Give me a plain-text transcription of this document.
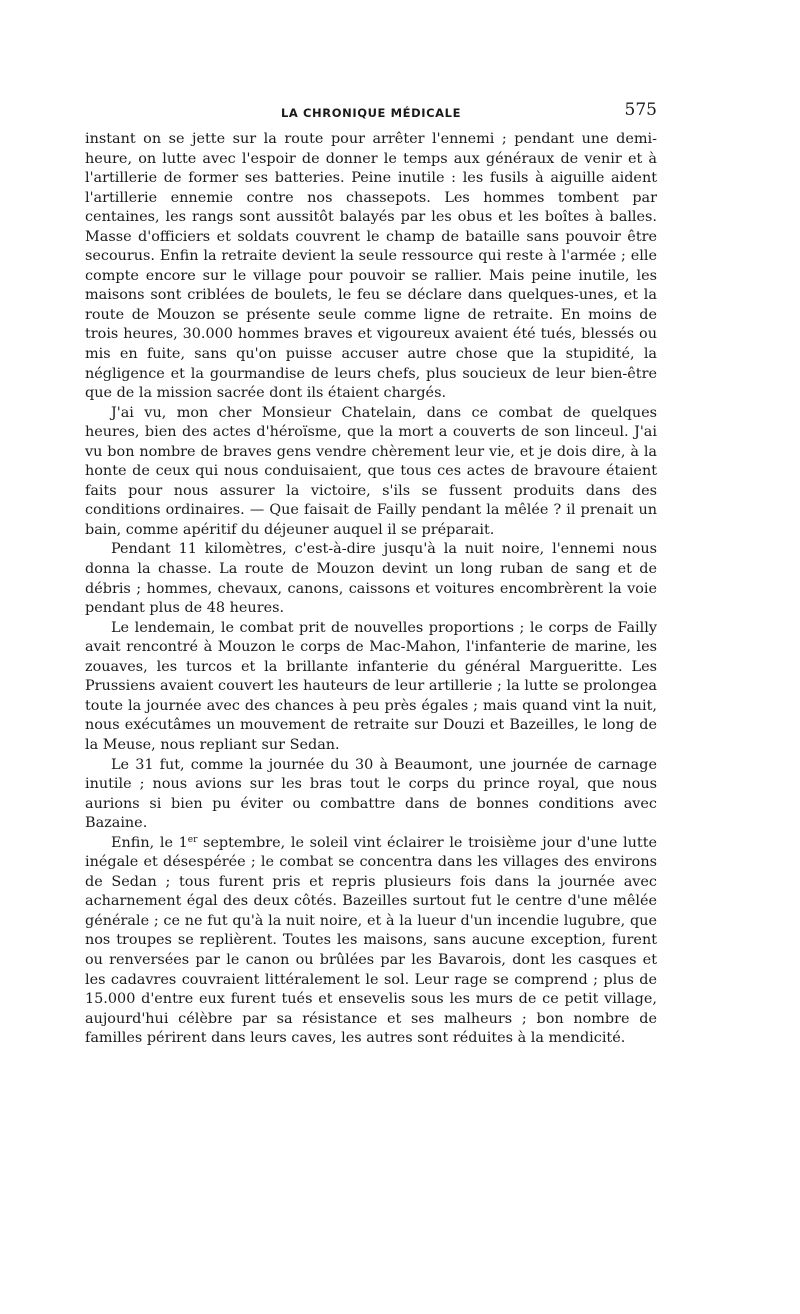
LA CHRONIQUE MÉDICALE	575

instant on se jette sur la route pour arrêter l'ennemi ; pendant une demi-heure, on lutte avec l'espoir de donner le temps aux généraux de venir et à l'artillerie de former ses batteries. Peine inutile : les fusils à aiguille aident l'artillerie ennemie contre nos chassepots. Les hommes tombent par centaines, les rangs sont aussitôt balayés par les obus et les boîtes à balles. Masse d'officiers et soldats couvrent le champ de bataille sans pouvoir être secourus. Enfin la retraite devient la seule ressource qui reste à l'armée ; elle compte encore sur le village pour pouvoir se rallier. Mais peine inutile, les maisons sont criblées de boulets, le feu se déclare dans quelques-unes, et la route de Mouzon se présente seule comme ligne de retraite. En moins de trois heures, 30.000 hommes braves et vigoureux avaient été tués, blessés ou mis en fuite, sans qu'on puisse accuser autre chose que la stupidité, la négligence et la gourmandise de leurs chefs, plus soucieux de leur bien-être que de la mission sacrée dont ils étaient chargés.

J'ai vu, mon cher Monsieur Chatelain, dans ce combat de quelques heures, bien des actes d'héroïsme, que la mort a couverts de son linceul. J'ai vu bon nombre de braves gens vendre chèrement leur vie, et je dois dire, à la honte de ceux qui nous conduisaient, que tous ces actes de bravoure étaient faits pour nous assurer la victoire, s'ils se fussent produits dans des conditions ordinaires. — Que faisait de Failly pendant la mêlée ? il prenait un bain, comme apéritif du déjeuner auquel il se préparait.

Pendant 11 kilomètres, c'est-à-dire jusqu'à la nuit noire, l'ennemi nous donna la chasse. La route de Mouzon devint un long ruban de sang et de débris ; hommes, chevaux, canons, caissons et voitures encombrèrent la voie pendant plus de 48 heures.

Le lendemain, le combat prit de nouvelles proportions ; le corps de Failly avait rencontré à Mouzon le corps de Mac-Mahon, l'infanterie de marine, les zouaves, les turcos et la brillante infanterie du général Margueritte. Les Prussiens avaient couvert les hauteurs de leur artillerie ; la lutte se prolongea toute la journée avec des chances à peu près égales ; mais quand vint la nuit, nous exécutâmes un mouvement de retraite sur Douzi et Bazeilles, le long de la Meuse, nous repliant sur Sedan.

Le 31 fut, comme la journée du 30 à Beaumont, une journée de carnage inutile ; nous avions sur les bras tout le corps du prince royal, que nous aurions si bien pu éviter ou combattre dans de bonnes conditions avec Bazaine.

Enfin, le 1er septembre, le soleil vint éclairer le troisième jour d'une lutte inégale et désespérée ; le combat se concentra dans les villages des environs de Sedan ; tous furent pris et repris plusieurs fois dans la journée avec acharnement égal des deux côtés. Bazeilles surtout fut le centre d'une mêlée générale ; ce ne fut qu'à la nuit noire, et à la lueur d'un incendie lugubre, que nos troupes se replièrent. Toutes les maisons, sans aucune exception, furent ou renversées par le canon ou brûlées par les Bavarois, dont les casques et les cadavres couvraient littéralement le sol. Leur rage se comprend ; plus de 15.000 d'entre eux furent tués et ensevelis sous les murs de ce petit village, aujourd'hui célèbre par sa résistance et ses malheurs ; bon nombre de familles périrent dans leurs caves, les autres sont réduites à la mendicité.
